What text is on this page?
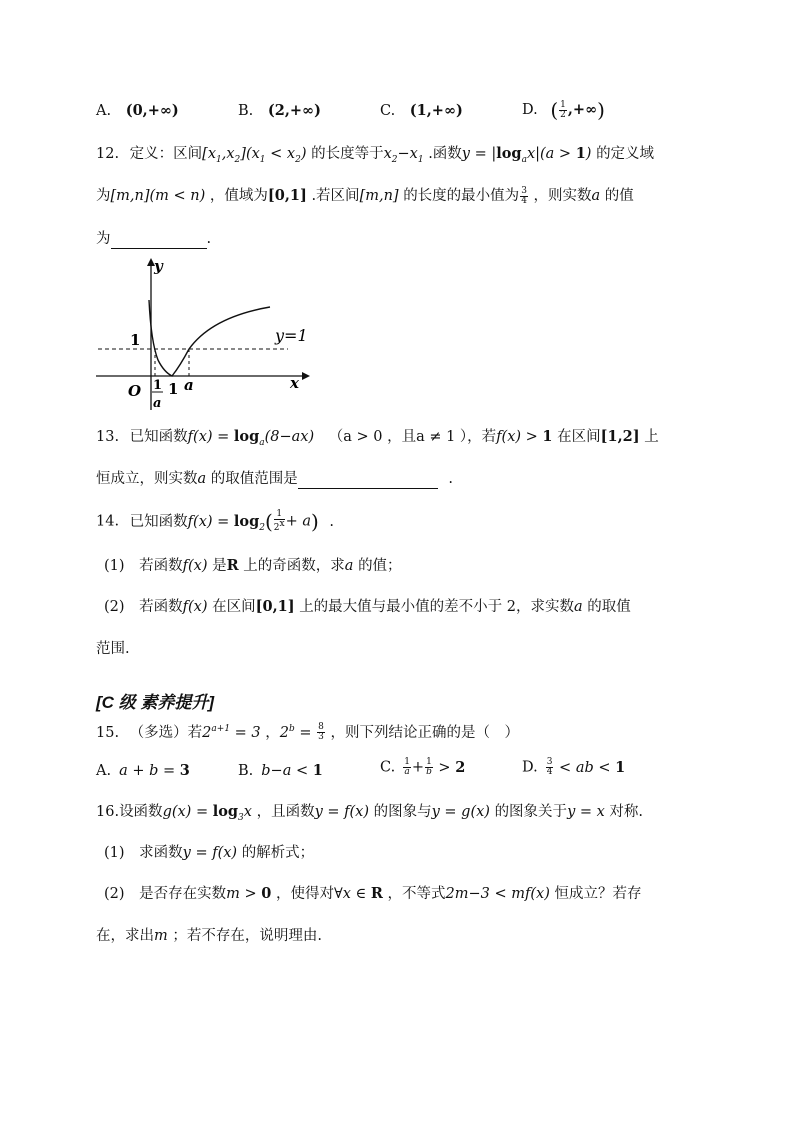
A. (0,+∞)	B. (2,+∞)	C. (1,+∞)	D. ( $\frac{1}{2}$ ,+∞)
12. 定义：区间$[x_1,x_2](x_1 < x_2)$ 的长度等于$x_2-x_1$ .函数$y = |\log_ax|(a > 1)$ 的定义域
为[m,n](m < n) ，值域为[0,1] .若区间[m,n] 的长度的最小值为 $\frac{3}{4}$ ，则实数a 的值
为	.
y
x
O
1
1 a
1
a
y=1
13. 已知函数$f(x) = \log_a(8-ax) (a > 0$ ，且a ≠ 1 ），若f(x) > 1 在区间[1,2] 上
恒成立，则实数a 的取值范围是	.
14. 已知函数$f(x) = \log_2( \frac{1}{2^x} + a)$ .
(1) 若函数f(x) 是R 上的奇函数，求a 的值；
(2) 若函数f(x) 在区间[0,1] 上的最大值与最小值的差不小于 2，求实数a 的取值
范围.
[C 级 素养提升]
15. （多选）若$2^{a+1} = 3$ ，$2^b = \frac{8}{3}$ ，则下列结论正确的是（　）
A. a + b = 3	B. b−a < 1	C. $\frac{1}{a} + \frac{1}{b} > 2$	D. $\frac{3}{4}$ < ab < 1
16.设函数$g(x) = \log_3x$ ，且函数y = f(x) 的图象与y = g(x) 的图象关于y = x 对称.
(1) 求函数y = f(x) 的解析式；
(2) 是否存在实数m > 0 ，使得对∀x ∈ R ，不等式2m−3 < mf(x) 恒成立？若存
在，求出m ；若不存在，说明理由.
